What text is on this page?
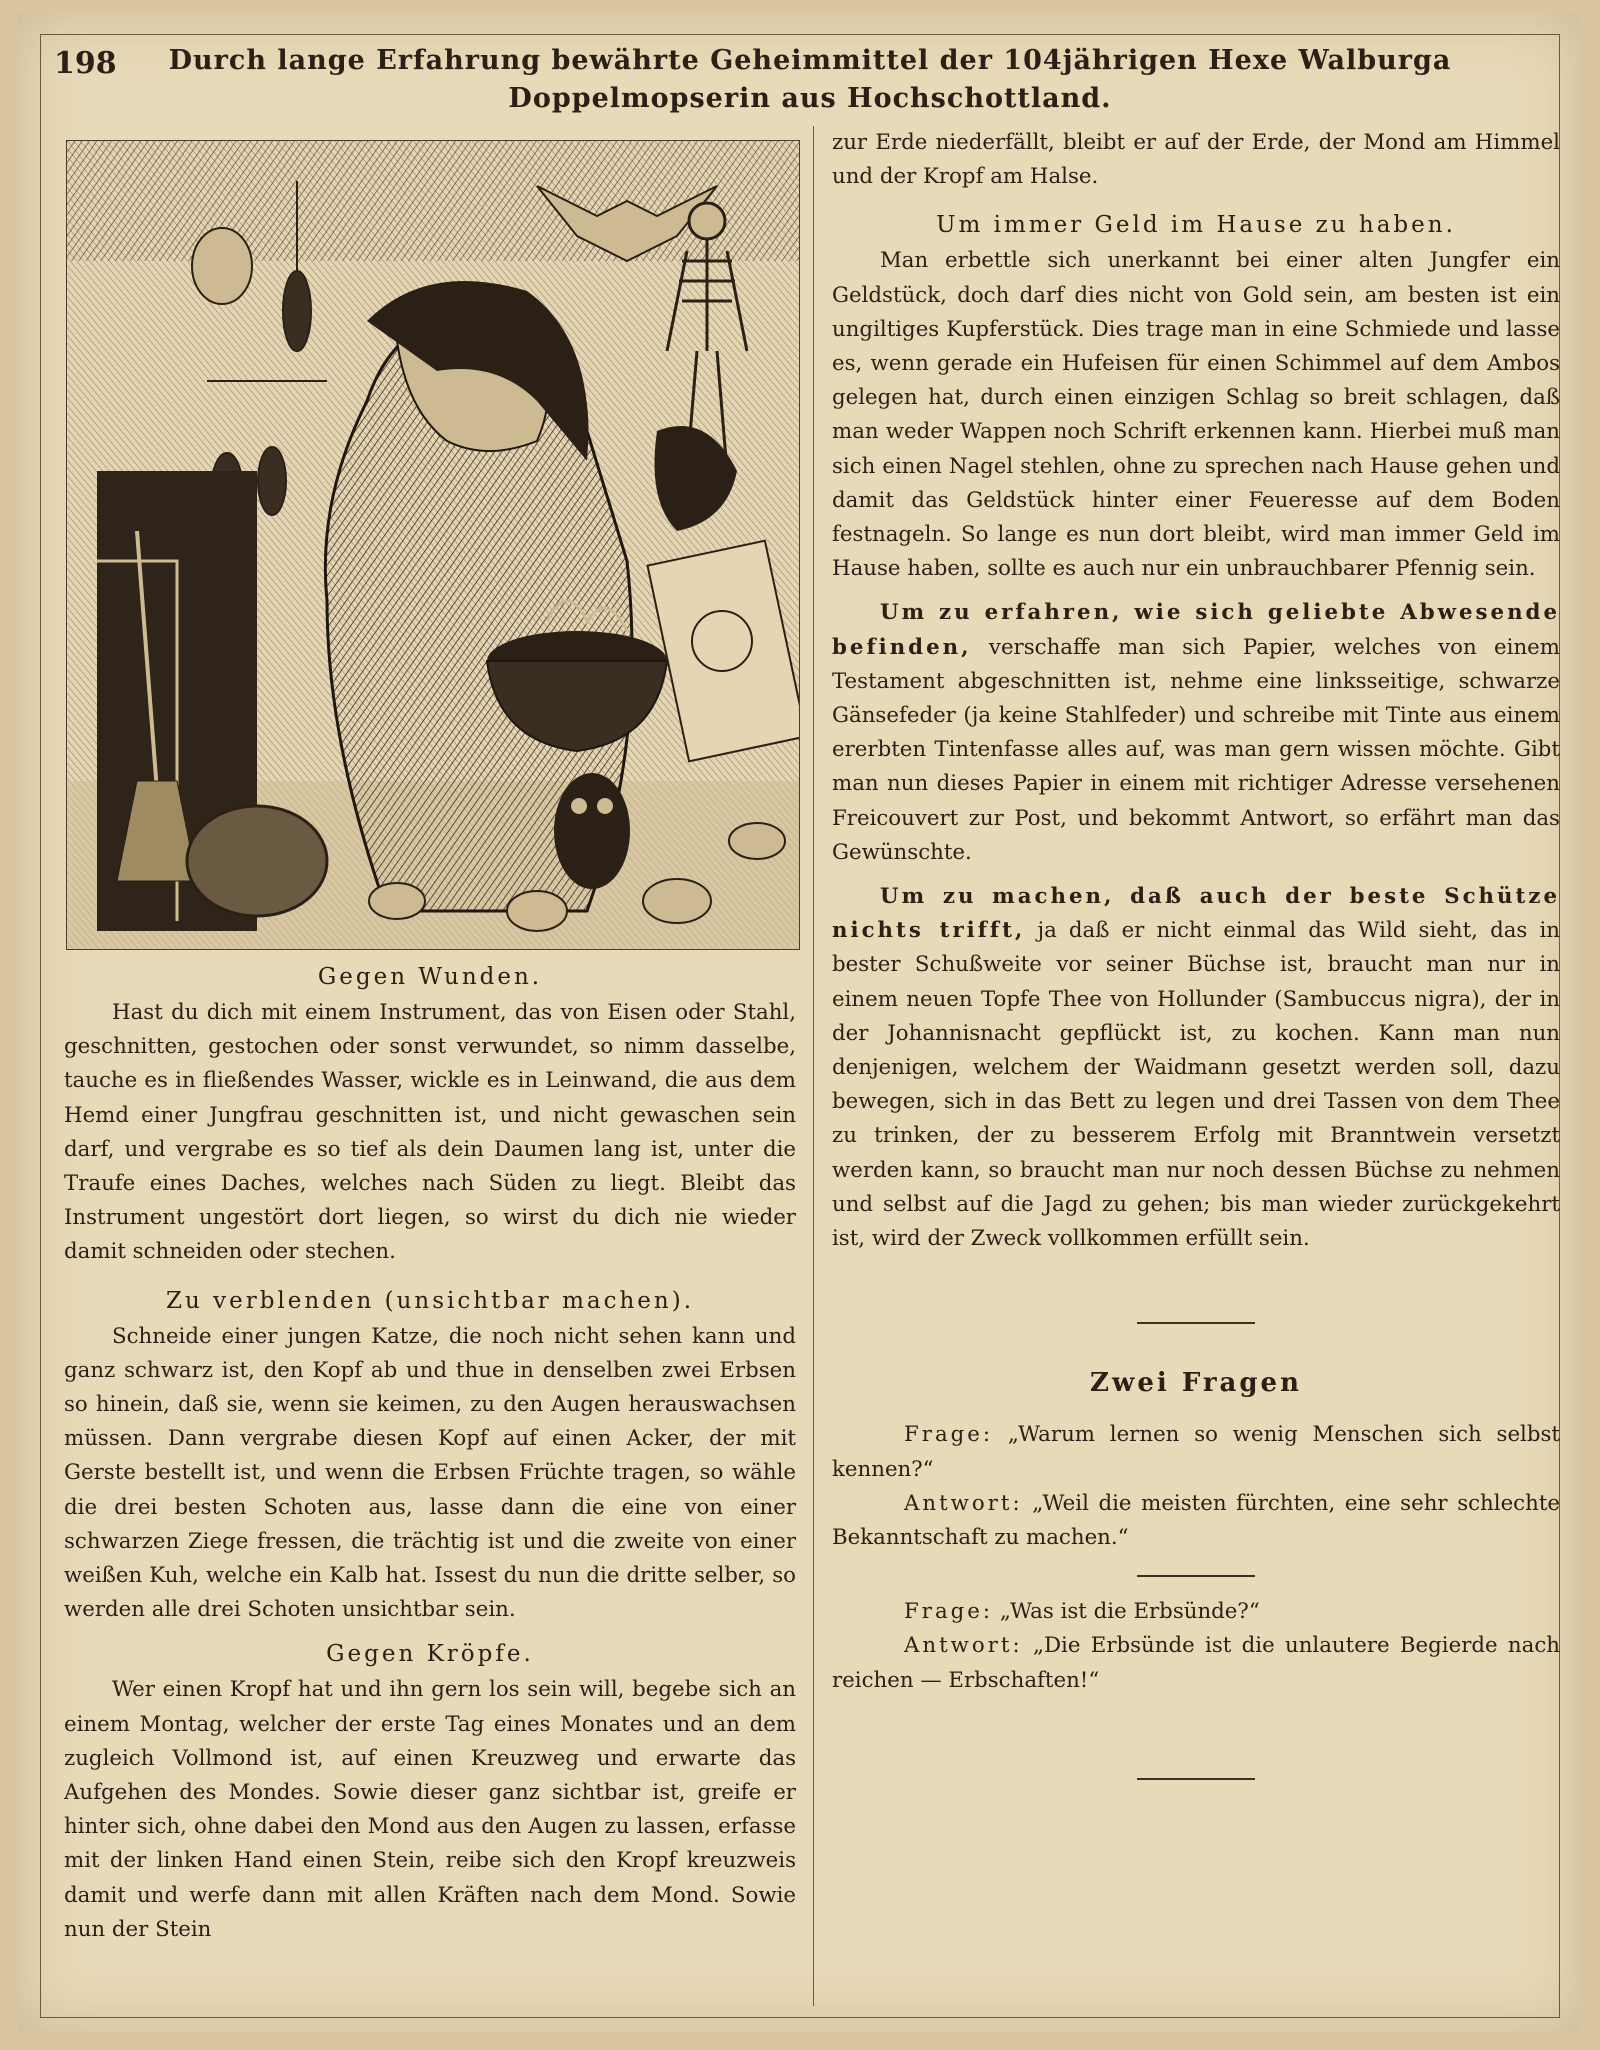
198	Durch lange Erfahrung bewährte Geheimmittel der 104jährigen Hexe Walburga
Doppelmopserin aus Hochschottland.
Gegen Wunden.

Hast du dich mit einem Instrument, das von Eisen oder Stahl, geschnitten, gestochen oder sonst verwundet, so nimm dasselbe, tauche es in fließendes Wasser, wickle es in Leinwand, die aus dem Hemd einer Jungfrau geschnitten ist, und nicht gewaschen sein darf, und vergrabe es so tief als dein Daumen lang ist, unter die Traufe eines Daches, welches nach Süden zu liegt. Bleibt das Instrument ungestört dort liegen, so wirst du dich nie wieder damit schneiden oder stechen.

Zu verblenden (unsichtbar machen).

Schneide einer jungen Katze, die noch nicht sehen kann und ganz schwarz ist, den Kopf ab und thue in denselben zwei Erbsen so hinein, daß sie, wenn sie keimen, zu den Augen herauswachsen müssen. Dann vergrabe diesen Kopf auf einen Acker, der mit Gerste bestellt ist, und wenn die Erbsen Früchte tragen, so wähle die drei besten Schoten aus, lasse dann die eine von einer schwarzen Ziege fressen, die trächtig ist und die zweite von einer weißen Kuh, welche ein Kalb hat. Issest du nun die dritte selber, so werden alle drei Schoten unsichtbar sein.

Gegen Kröpfe.

Wer einen Kropf hat und ihn gern los sein will, begebe sich an einem Montag, welcher der erste Tag eines Monates und an dem zugleich Vollmond ist, auf einen Kreuzweg und erwarte das Aufgehen des Mondes. Sowie dieser ganz sichtbar ist, greife er hinter sich, ohne dabei den Mond aus den Augen zu lassen, erfasse mit der linken Hand einen Stein, reibe sich den Kropf kreuzweis damit und werfe dann mit allen Kräften nach dem Mond. Sowie nun der Stein

zur Erde niederfällt, bleibt er auf der Erde, der Mond am Himmel und der Kropf am Halse.

Um immer Geld im Hause zu haben.

Man erbettle sich unerkannt bei einer alten Jungfer ein Geldstück, doch darf dies nicht von Gold sein, am besten ist ein ungiltiges Kupferstück. Dies trage man in eine Schmiede und lasse es, wenn gerade ein Hufeisen für einen Schimmel auf dem Ambos gelegen hat, durch einen einzigen Schlag so breit schlagen, daß man weder Wappen noch Schrift erkennen kann. Hierbei muß man sich einen Nagel stehlen, ohne zu sprechen nach Hause gehen und damit das Geldstück hinter einer Feueresse auf dem Boden festnageln. So lange es nun dort bleibt, wird man immer Geld im Hause haben, sollte es auch nur ein unbrauchbarer Pfennig sein.

Um zu erfahren, wie sich geliebte Abwesende befinden, verschaffe man sich Papier, welches von einem Testament abgeschnitten ist, nehme eine linksseitige, schwarze Gänsefeder (ja keine Stahlfeder) und schreibe mit Tinte aus einem ererbten Tintenfasse alles auf, was man gern wissen möchte. Gibt man nun dieses Papier in einem mit richtiger Adresse versehenen Freicouvert zur Post, und bekommt Antwort, so erfährt man das Gewünschte.

Um zu machen, daß auch der beste Schütze nichts trifft, ja daß er nicht einmal das Wild sieht, das in bester Schußweite vor seiner Büchse ist, braucht man nur in einem neuen Topfe Thee von Hollunder (Sambuccus nigra), der in der Johannisnacht gepflückt ist, zu kochen. Kann man nun denjenigen, welchem der Waidmann gesetzt werden soll, dazu bewegen, sich in das Bett zu legen und drei Tassen von dem Thee zu trinken, der zu besserem Erfolg mit Branntwein versetzt werden kann, so braucht man nur noch dessen Büchse zu nehmen und selbst auf die Jagd zu gehen; bis man wieder zurückgekehrt ist, wird der Zweck vollkommen erfüllt sein.

Zwei Fragen

Frage: „Warum lernen so wenig Menschen sich selbst kennen?“

Antwort: „Weil die meisten fürchten, eine sehr schlechte Bekanntschaft zu machen.“

Frage: „Was ist die Erbsünde?“

Antwort: „Die Erbsünde ist die unlautere Begierde nach reichen — Erbschaften!“
